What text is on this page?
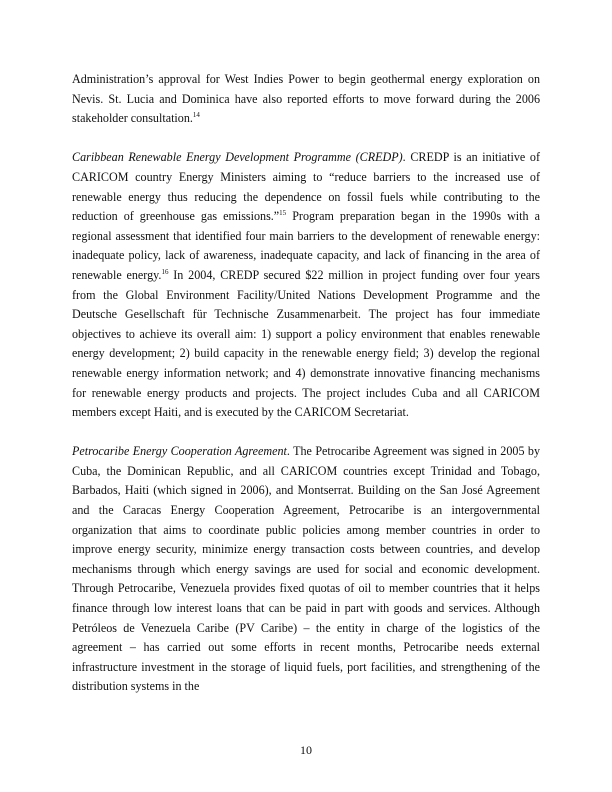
Administration’s approval for West Indies Power to begin geothermal energy exploration on Nevis. St. Lucia and Dominica have also reported efforts to move forward during the 2006 stakeholder consultation.$^{14}$

Caribbean Renewable Energy Development Programme (CREDP). CREDP is an initiative of CARICOM country Energy Ministers aiming to “reduce barriers to the increased use of renewable energy thus reducing the dependence on fossil fuels while contributing to the reduction of greenhouse gas emissions.”$^{15}$ Program preparation began in the 1990s with a regional assessment that identified four main barriers to the development of renewable energy: inadequate policy, lack of awareness, inadequate capacity, and lack of financing in the area of renewable energy.$^{16}$ In 2004, CREDP secured $22 million in project funding over four years from the Global Environment Facility/United Nations Development Programme and the Deutsche Gesellschaft für Technische Zusammenarbeit. The project has four immediate objectives to achieve its overall aim: 1) support a policy environment that enables renewable energy development; 2) build capacity in the renewable energy field; 3) develop the regional renewable energy information network; and 4) demonstrate innovative financing mechanisms for renewable energy products and projects. The project includes Cuba and all CARICOM members except Haiti, and is executed by the CARICOM Secretariat.

Petrocaribe Energy Cooperation Agreement. The Petrocaribe Agreement was signed in 2005 by Cuba, the Dominican Republic, and all CARICOM countries except Trinidad and Tobago, Barbados, Haiti (which signed in 2006), and Montserrat. Building on the San José Agreement and the Caracas Energy Cooperation Agreement, Petrocaribe is an intergovernmental organization that aims to coordinate public policies among member countries in order to improve energy security, minimize energy transaction costs between countries, and develop mechanisms through which energy savings are used for social and economic development. Through Petrocaribe, Venezuela provides fixed quotas of oil to member countries that it helps finance through low interest loans that can be paid in part with goods and services. Although Petróleos de Venezuela Caribe (PV Caribe) – the entity in charge of the logistics of the agreement – has carried out some efforts in recent months, Petrocaribe needs external infrastructure investment in the storage of liquid fuels, port facilities, and strengthening of the distribution systems in the

10
